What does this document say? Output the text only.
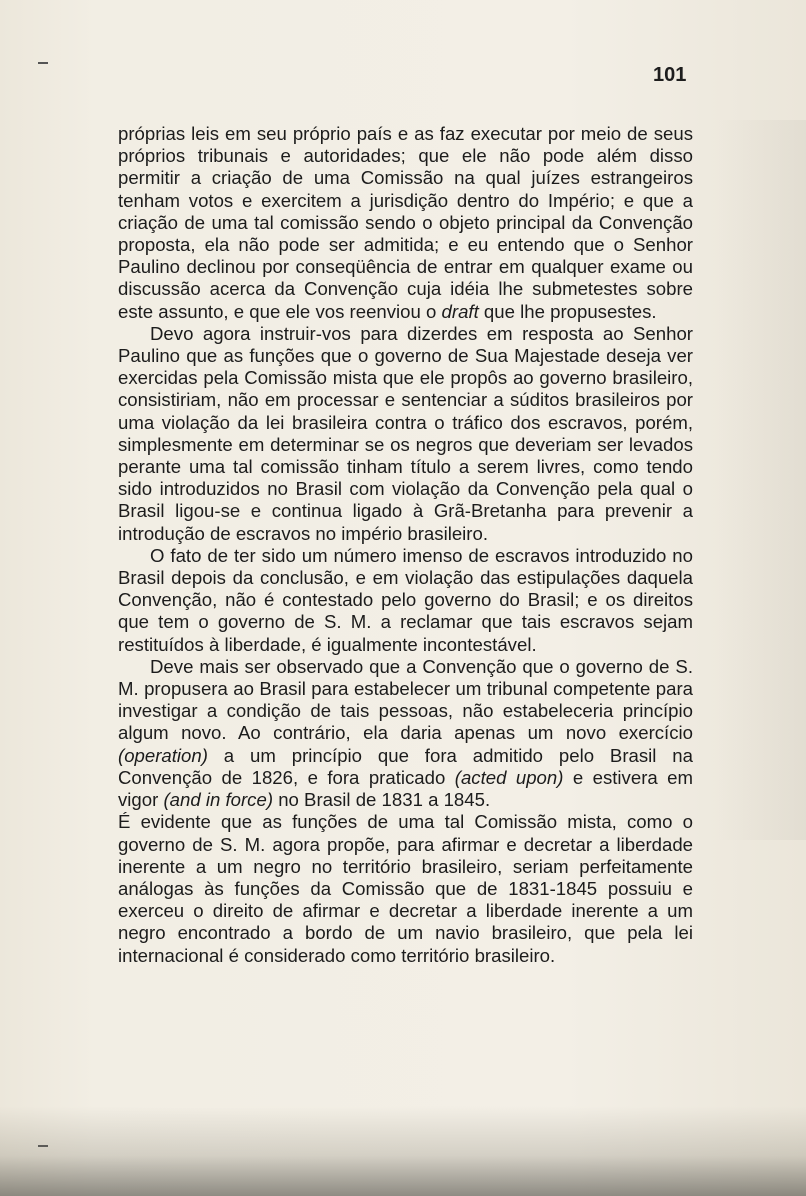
101

próprias leis em seu próprio país e as faz executar por meio de seus próprios tribunais e autoridades; que ele não pode além disso permitir a criação de uma Comissão na qual juízes estrangeiros tenham votos e exercitem a jurisdição dentro do Império; e que a criação de uma tal comissão sendo o objeto principal da Convenção proposta, ela não pode ser admitida; e eu entendo que o Senhor Paulino declinou por conseqüência de entrar em qualquer exame ou discussão acerca da Convenção cuja idéia lhe submetestes sobre este assunto, e que ele vos reenviou o draft que lhe propusestes.

Devo agora instruir-vos para dizerdes em resposta ao Senhor Paulino que as funções que o governo de Sua Majestade deseja ver exercidas pela Comissão mista que ele propôs ao governo brasileiro, consistiriam, não em processar e sentenciar a súditos brasileiros por uma violação da lei brasileira contra o tráfico dos escravos, porém, simplesmente em determinar se os negros que deveriam ser levados perante uma tal comissão tinham título a serem livres, como tendo sido introduzidos no Brasil com violação da Convenção pela qual o Brasil ligou-se e continua ligado à Grã-Bretanha para prevenir a introdução de escravos no império brasileiro.

O fato de ter sido um número imenso de escravos introduzido no Brasil depois da conclusão, e em violação das estipulações daquela Convenção, não é contestado pelo governo do Brasil; e os direitos que tem o governo de S. M. a reclamar que tais escravos sejam restituídos à liberdade, é igualmente incontestável.

Deve mais ser observado que a Convenção que o governo de S. M. propusera ao Brasil para estabelecer um tribunal competente para investigar a condição de tais pessoas, não estabeleceria princípio algum novo. Ao contrário, ela daria apenas um novo exercício (operation) a um princípio que fora admitido pelo Brasil na Convenção de 1826, e fora praticado (acted upon) e estivera em vigor (and in force) no Brasil de 1831 a 1845.

É evidente que as funções de uma tal Comissão mista, como o governo de S. M. agora propõe, para afirmar e decretar a liberdade inerente a um negro no território brasileiro, seriam perfeitamente análogas às funções da Comissão que de 1831-1845 possuiu e exerceu o direito de afirmar e decretar a liberdade inerente a um negro encontrado a bordo de um navio brasileiro, que pela lei internacional é considerado como território brasileiro.
